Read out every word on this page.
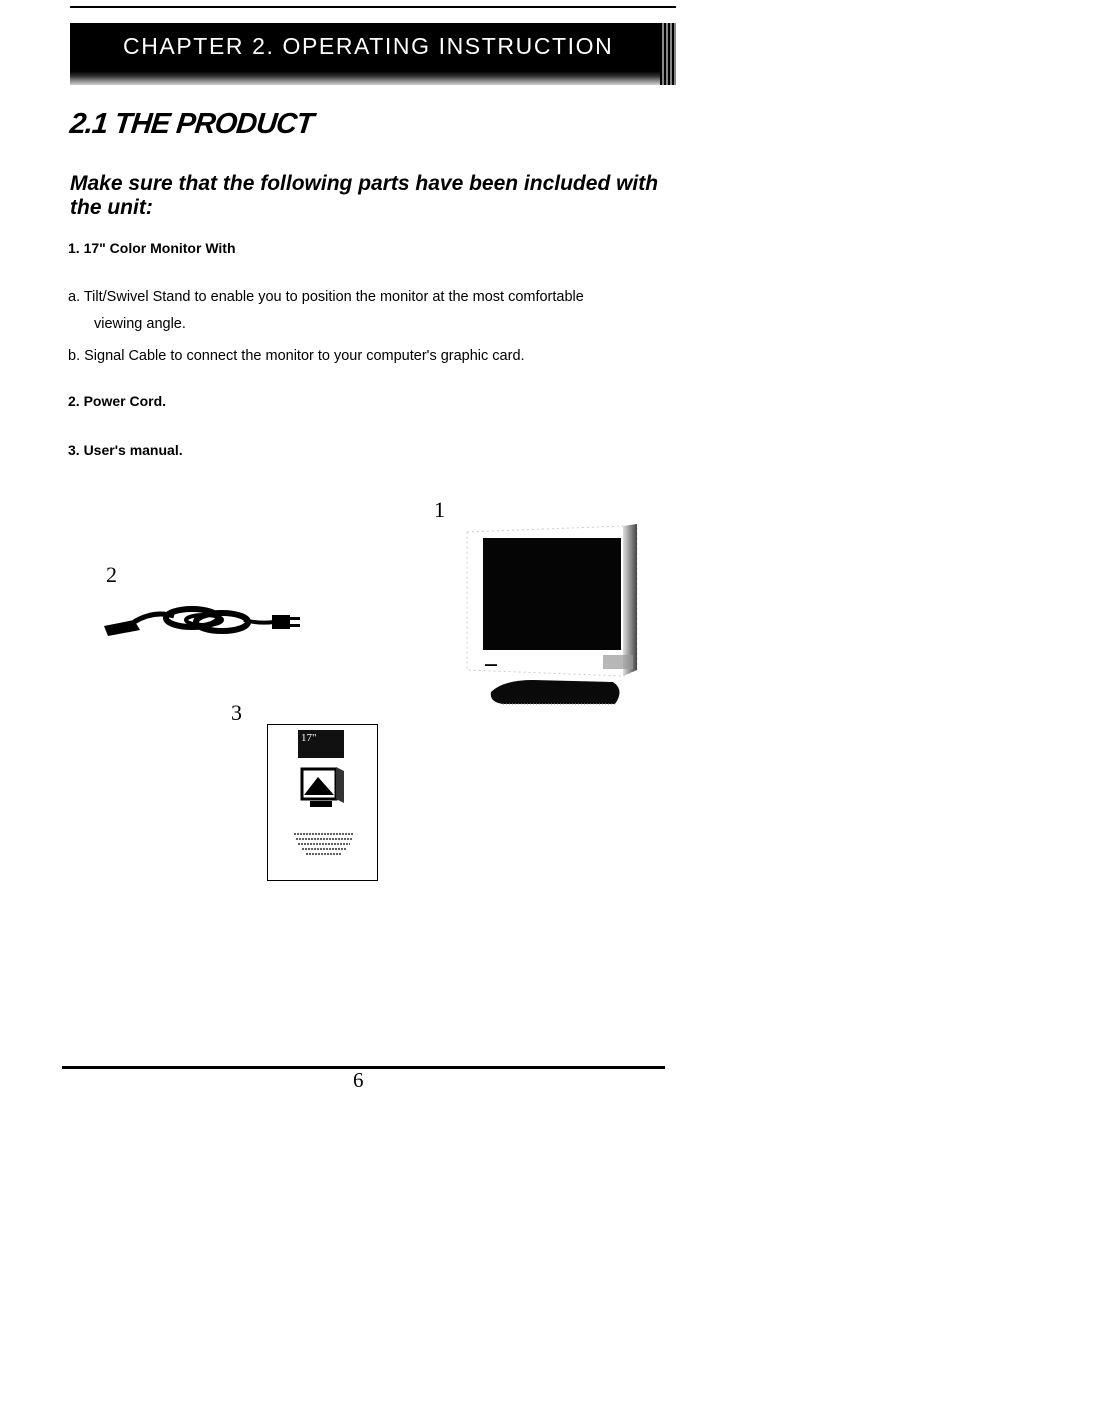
CHAPTER 2. OPERATING INSTRUCTION
2.1 THE PRODUCT
Make sure that the following parts have been included with the unit:
1. 17" Color Monitor With
a. Tilt/Swivel Stand to enable you to position the monitor at the most comfortable
viewing angle.
b. Signal Cable to connect the monitor to your computer's graphic card.
2. Power Cord.
3. User's manual.
1
2
3
▬▬
17"
6
